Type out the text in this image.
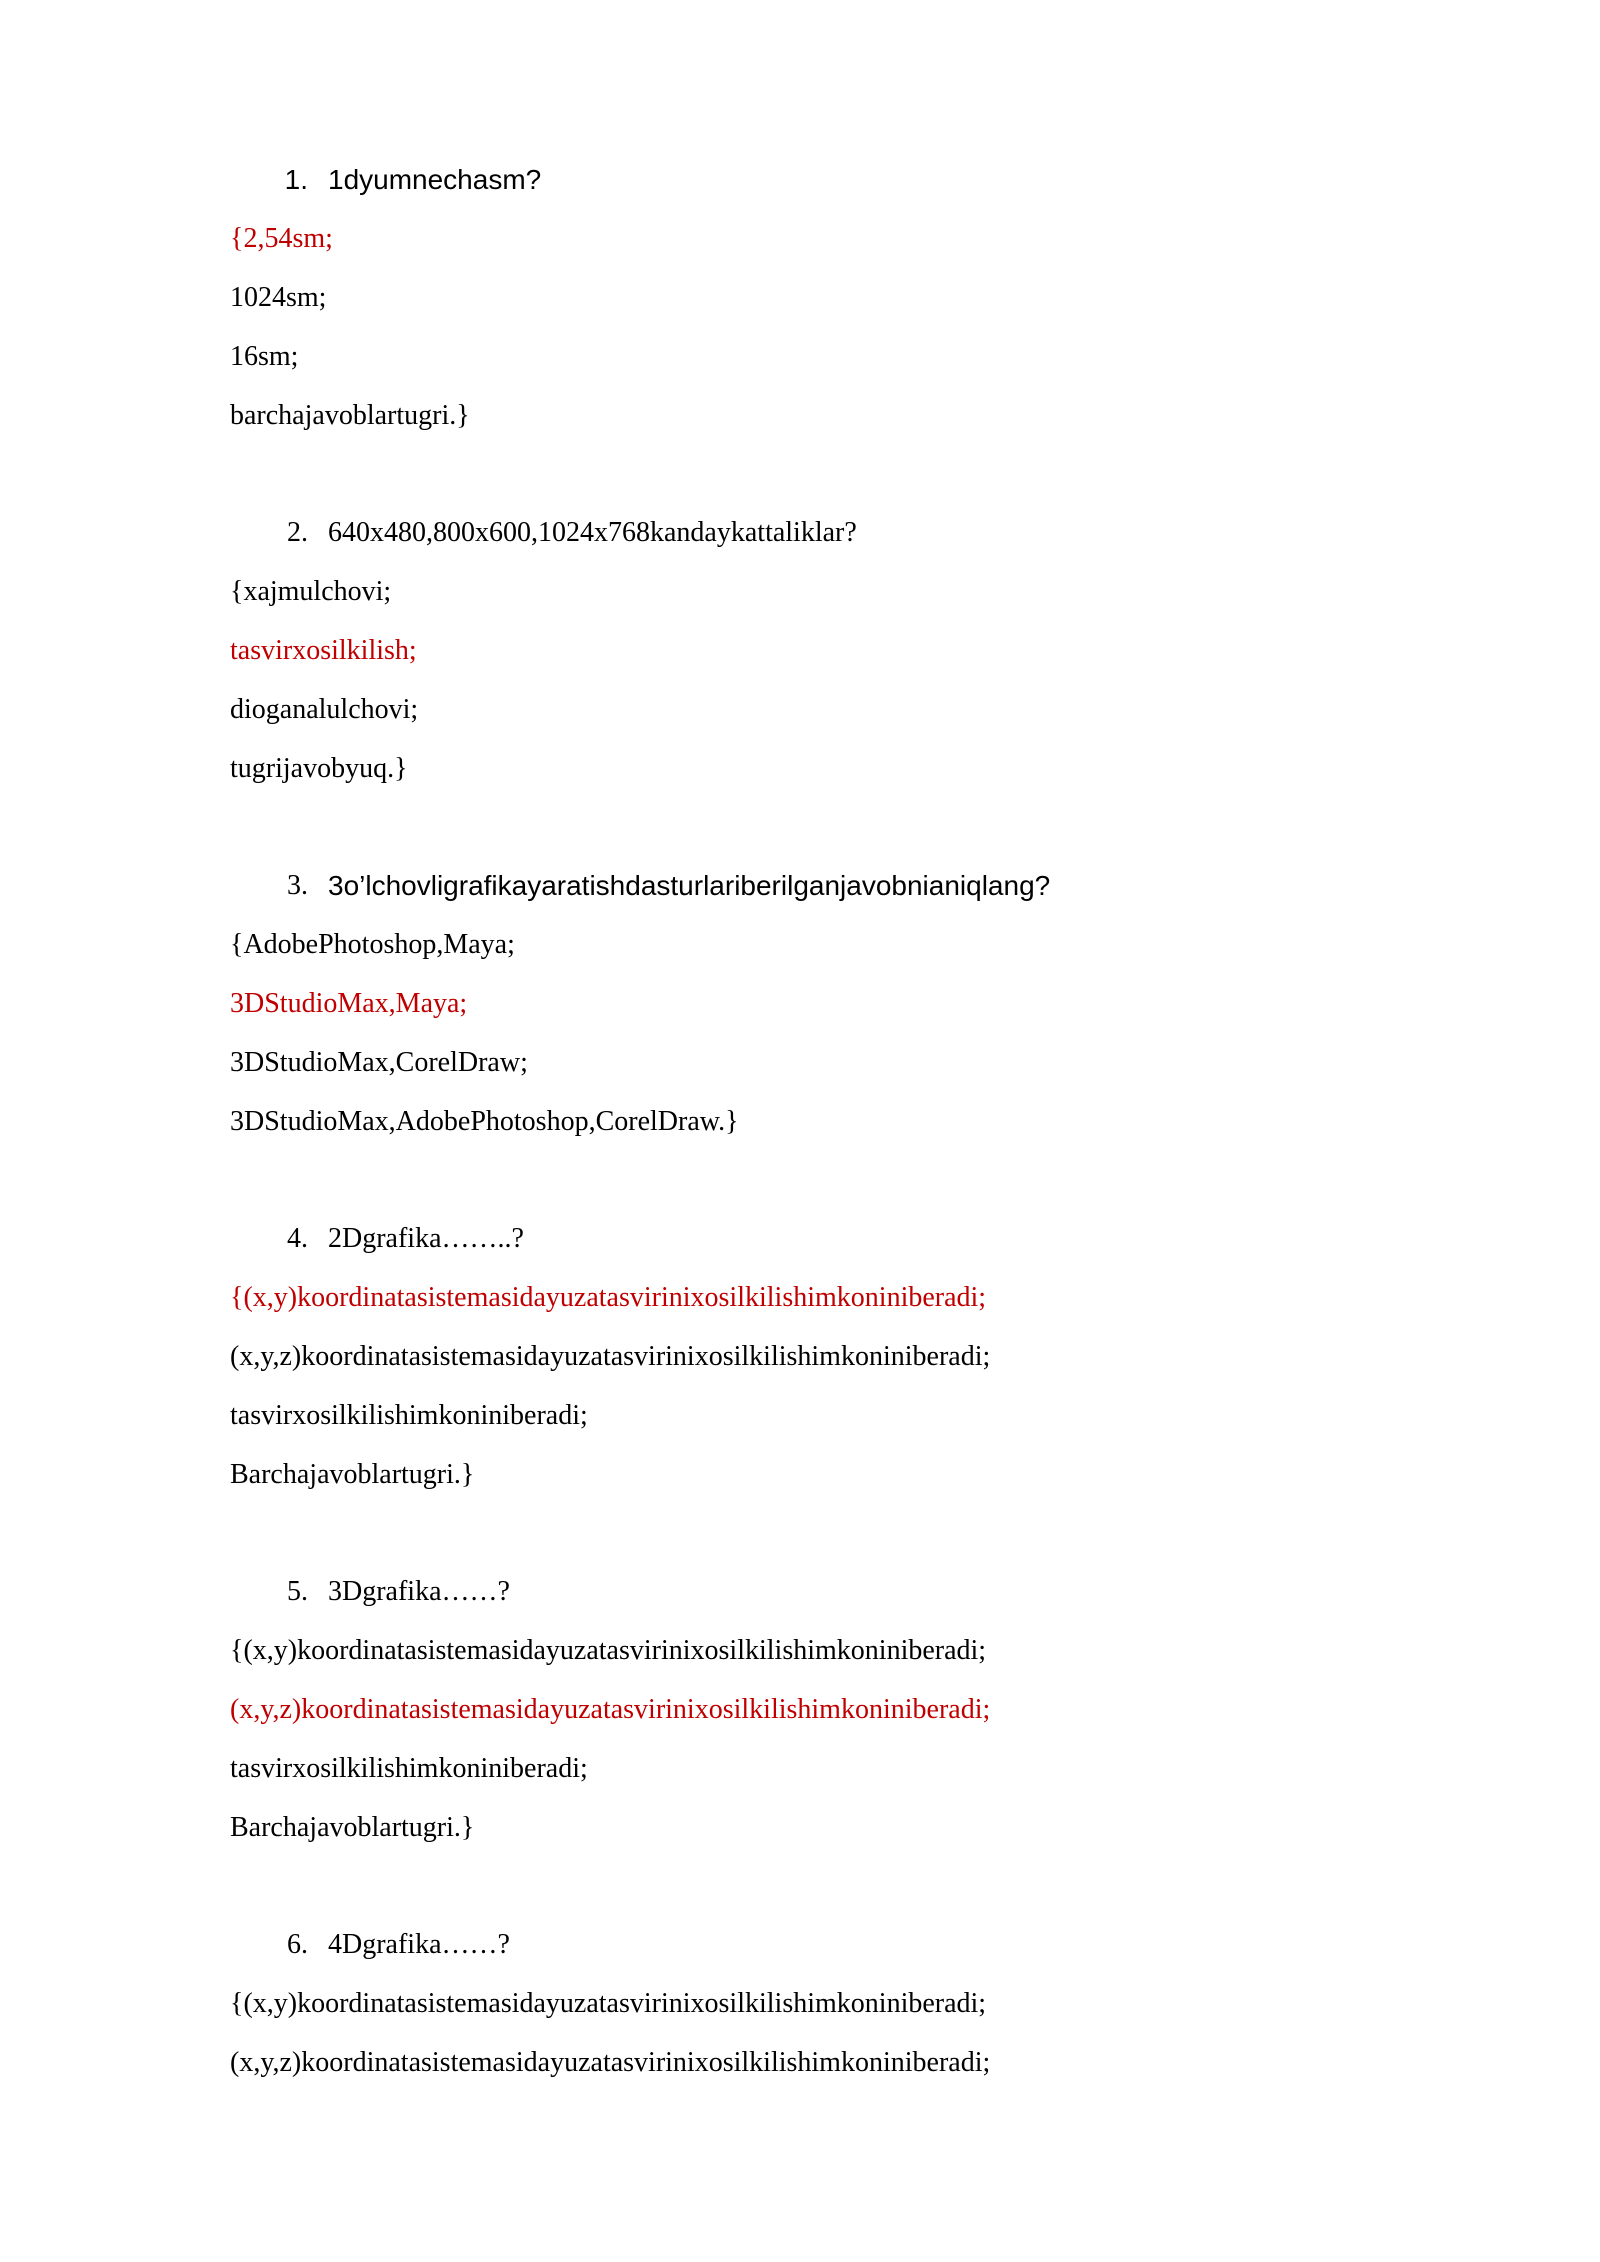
1. 1dyumnechasm?
{2,54sm;
1024sm;
16sm;
barchajavoblartugri.}
2. 640x480,800x600,1024x768kandaykattaliklar?
{xajmulchovi;
tasvirxosilkilish;
dioganalulchovi;
tugrijavobyuq.}
3. 3o’lchovligrafikayaratishdasturlariberilganjavobnianiqlang?
{AdobePhotoshop,Maya;
3DStudioMax,Maya;
3DStudioMax,CorelDraw;
3DStudioMax,AdobePhotoshop,CorelDraw.}
4. 2Dgrafika……..?
{(x,y)koordinatasistemasidayuzatasvirinixosilkilishimkoniniberadi;
(x,y,z)koordinatasistemasidayuzatasvirinixosilkilishimkoniniberadi;
tasvirxosilkilishimkoniniberadi;
Barchajavoblartugri.}
5. 3Dgrafika……?
{(x,y)koordinatasistemasidayuzatasvirinixosilkilishimkoniniberadi;
(x,y,z)koordinatasistemasidayuzatasvirinixosilkilishimkoniniberadi;
tasvirxosilkilishimkoniniberadi;
Barchajavoblartugri.}
6. 4Dgrafika……?
{(x,y)koordinatasistemasidayuzatasvirinixosilkilishimkoniniberadi;
(x,y,z)koordinatasistemasidayuzatasvirinixosilkilishimkoniniberadi;
